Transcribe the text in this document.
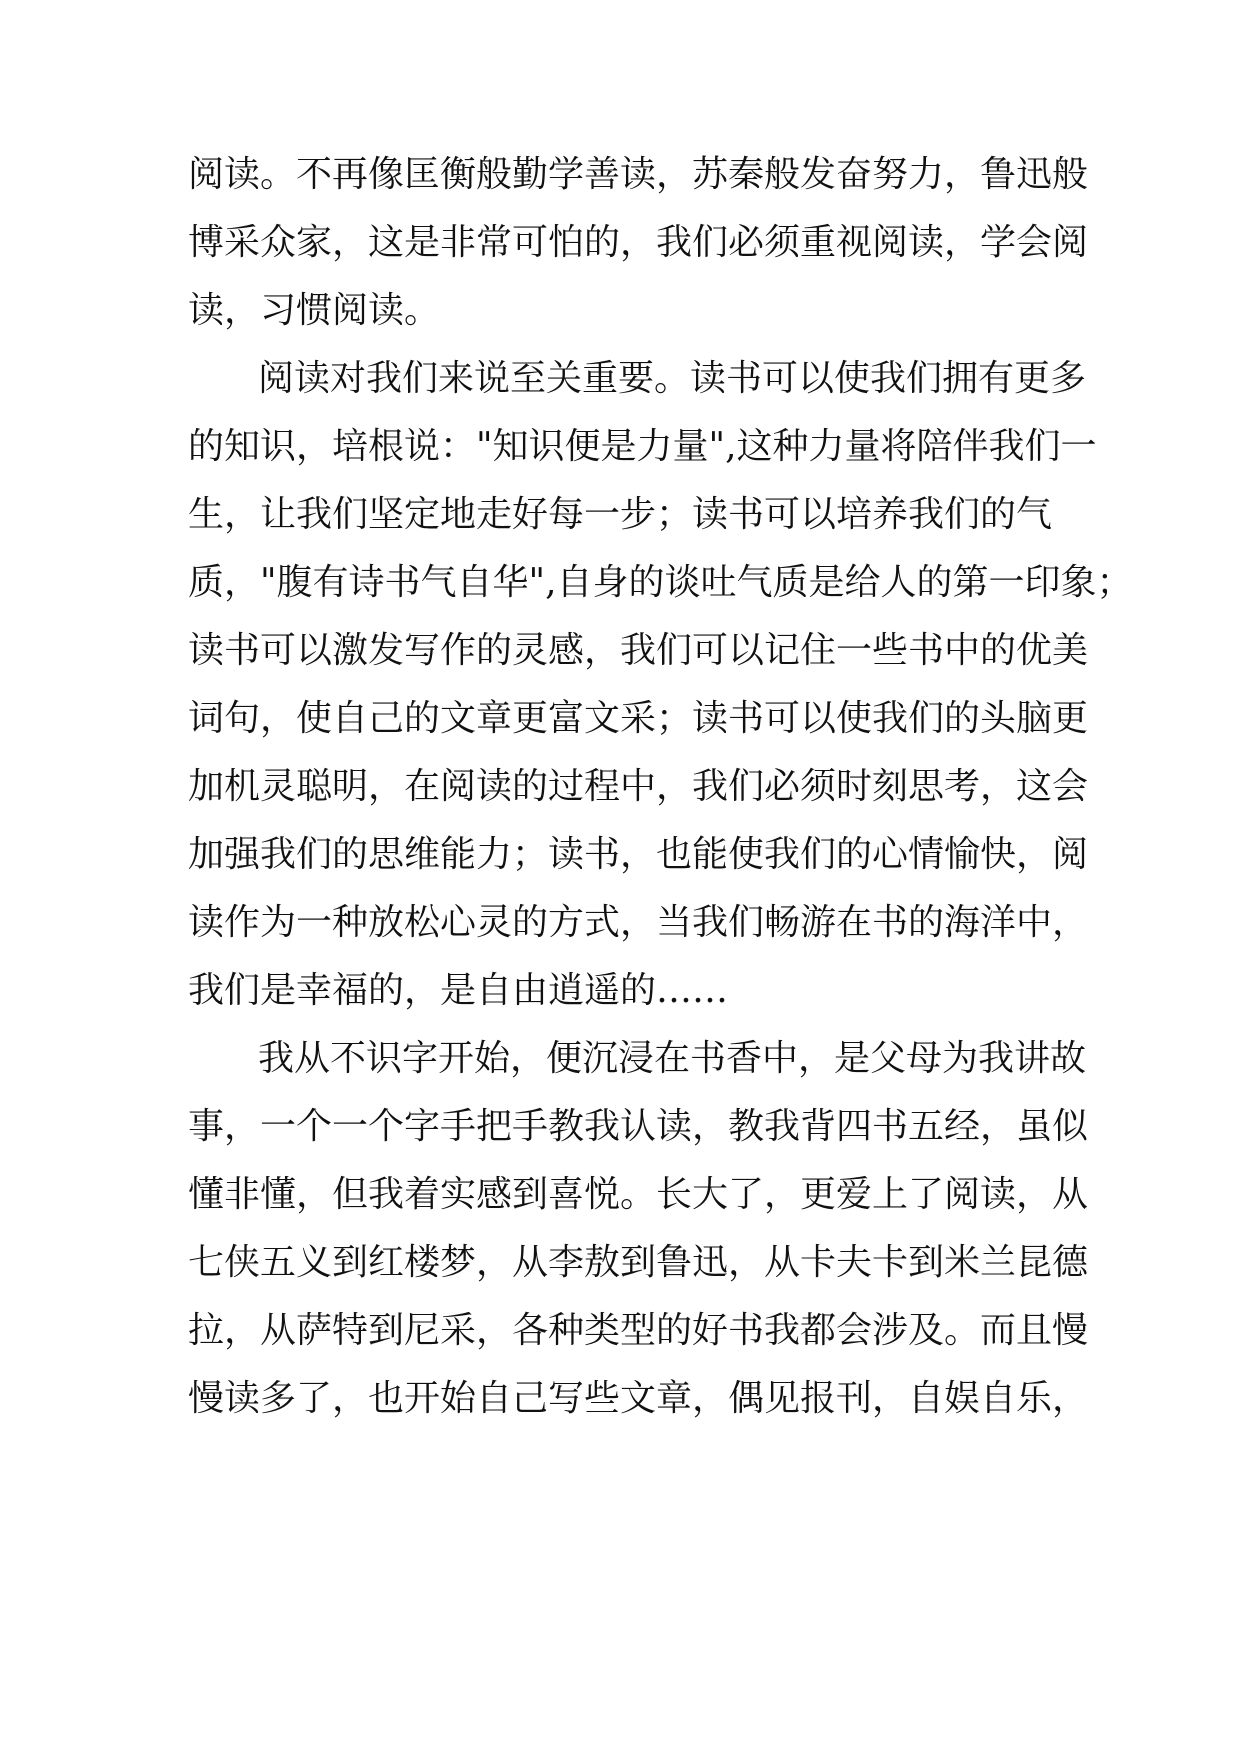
阅读。不再像匡衡般勤学善读，苏秦般发奋努力，鲁迅般
博采众家，这是非常可怕的，我们必须重视阅读，学会阅
读，习惯阅读。
阅读对我们来说至关重要。读书可以使我们拥有更多
的知识，培根说："知识便是力量",这种力量将陪伴我们一
生，让我们坚定地走好每一步；读书可以培养我们的气
质，"腹有诗书气自华",自身的谈吐气质是给人的第一印象；
读书可以激发写作的灵感，我们可以记住一些书中的优美
词句，使自己的文章更富文采；读书可以使我们的头脑更
加机灵聪明，在阅读的过程中，我们必须时刻思考，这会
加强我们的思维能力；读书，也能使我们的心情愉快，阅
读作为一种放松心灵的方式，当我们畅游在书的海洋中，
我们是幸福的，是自由逍遥的……
我从不识字开始，便沉浸在书香中，是父母为我讲故
事，一个一个字手把手教我认读，教我背四书五经，虽似
懂非懂，但我着实感到喜悦。长大了，更爱上了阅读，从
七侠五义到红楼梦，从李敖到鲁迅，从卡夫卡到米兰昆德
拉，从萨特到尼采，各种类型的好书我都会涉及。而且慢
慢读多了，也开始自己写些文章，偶见报刊，自娱自乐，
